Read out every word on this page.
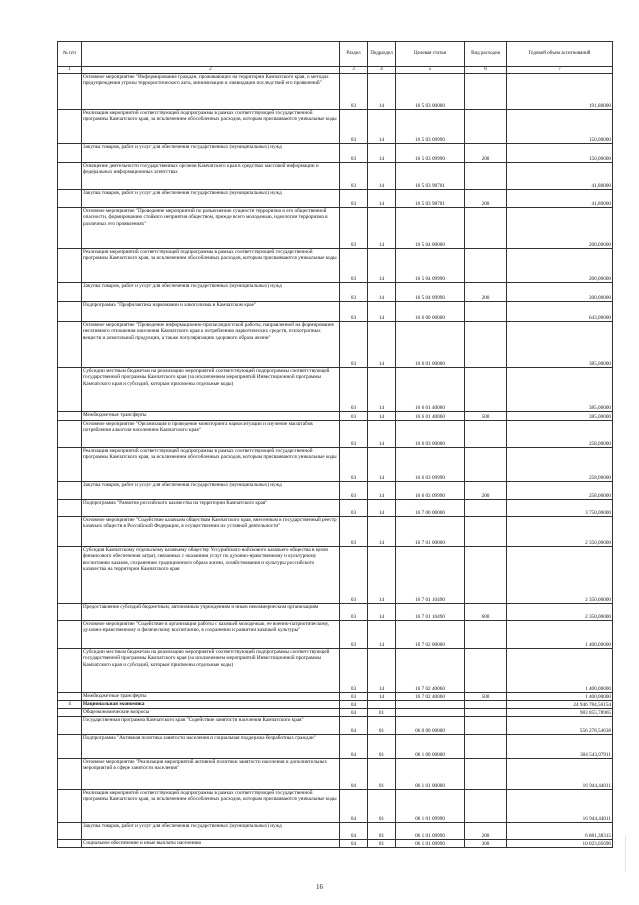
№ п/п		Раздел	Подраздел	Целевая статья	Вид расходов	Годовой объем ассигнований
1	2	3	4	5	6	7
	Основное мероприятие "Информирование граждан, проживающих на территории Камчатского края, о методах предупреждения угрозы террористического акта, минимизации и ликвидации последствий его проявлений"	03	14	16 5 03 00000		191,80000
	Реализация мероприятий соответствующей подпрограммы в рамках соответствующей государственной программы Камчатского края, за исключением обособленных расходов, которым присваиваются уникальные коды	03	14	16 5 03 09990		150,00000
	Закупка товаров, работ и услуг для обеспечения государственных (муниципальных) нужд	03	14	16 5 03 09990	200	150,00000
	Освещение деятельности государственных органов Камчатского края в средствах массовой информации и федеральных информационных агентствах	03	14	16 5 03 98701		41,80000
	Закупка товаров, работ и услуг для обеспечения государственных (муниципальных) нужд	03	14	16 5 03 98701	200	41,80000
	Основное мероприятие "Проведение мероприятий по разъяснению сущности терроризма и его общественной опасности, формированию стойкого неприятия обществом, прежде всего молодежью, идеологии терроризма в различных его проявлениях"	03	14	16 5 04 00000		200,00000
	Реализация мероприятий соответствующей подпрограммы в рамках соответствующей государственной программы Камчатского края, за исключением обособленных расходов, которым присваиваются уникальные коды	03	14	16 5 04 09990		200,00000
	Закупка товаров, работ и услуг для обеспечения государственных (муниципальных) нужд	03	14	16 5 04 09990	200	200,00000
	Подпрограмма "Профилактика наркомании и алкоголизма в Камчатском крае"	03	14	16 6 00 00000		643,00000
	Основное мероприятие "Проведение информационно-пропагандистской работы, направленной на формирование негативного отношения населения Камчатского края к потреблению наркотических средств, психотропных веществ и алкогольной продукции, а также популяризацию здорового образа жизни"	03	14	16 6 01 00000		385,00000
	Субсидии местным бюджетам на реализацию мероприятий соответствующей подпрограммы соответствующей государственной программы Камчатского края (за исключением мероприятий Инвестиционной программы Камчатского края и субсидий, которым присвоены отдельные коды)	03	14	16 6 01 40060		385,00000
	Межбюджетные трансферты	03	14	16 6 01 40060	500	385,00000
	Основное мероприятие "Организация и проведение мониторинга наркоситуации и изучение масштабов потребления алкоголя населением Камчатского края"	03	14	16 6 03 00000		258,00000
	Реализация мероприятий соответствующей подпрограммы в рамках соответствующей государственной программы Камчатского края, за исключением обособленных расходов, которым присваиваются уникальные коды	03	14	16 6 03 09990		258,00000
	Закупка товаров, работ и услуг для обеспечения государственных (муниципальных) нужд	03	14	16 6 03 09990	200	258,00000
	Подпрограмма "Развитие российского казачества на территории Камчатского края"	03	14	16 7 00 00000		3 750,00000
	Основное мероприятие "Содействие казачьим обществам Камчатского края, внесенным в государственный реестр казачьих обществ в Российской Федерации, в осуществлении их уставной деятельности"	03	14	16 7 01 00000		2 350,00000
	Субсидия Камчатскому отдельскому казачьему обществу Уссурийского войскового казачьего общества в целях финансового обеспечения затрат, связанных с оказанием услуг по духовно-нравственному и культурному воспитанию казаков, сохранению традиционного образа жизни, хозяйствования и культуры российского казачества на территории Камчатского края	03	14	16 7 01 10490		2 350,00000
	Предоставление субсидий бюджетным, автономным учреждениям и иным некоммерческим организациям	03	14	16 7 01 10490	600	2 350,00000
	Основное мероприятие "Содействие в организации работы с казачьей молодежью, ее военно-патриотическому, духовно-нравственному и физическому воспитанию, в сохранении и развитии казачьей культуры"	03	14	16 7 02 00000		1 400,00000
	Субсидии местным бюджетам на реализацию мероприятий соответствующей подпрограммы соответствующей государственной программы Камчатского края (за исключением мероприятий Инвестиционной программы Камчатского края и субсидий, которым присвоены отдельные коды)	03	14	16 7 02 40060		1 400,00000
	Межбюджетные трансферты	03	14	16 7 02 40060	500	1 400,00000
4	Национальная экономика	04				24 946 784,56154
	Общеэкономические вопросы	04	01			983 855,78965
	Государственная программа Камчатского края "Содействие занятости населения Камчатского края"	04	01	06 0 00 00000		556 278,54638
	Подпрограмма "Активная политика занятости населения и социальная поддержка безработных граждан"	04	01	06 1 00 00000		304 543,97911
	Основное мероприятие "Реализация мероприятий активной политики занятости населения и дополнительных мероприятий в сфере занятости населения"	04	01	06 1 01 00000		16 944,44011
	Реализация мероприятий соответствующей подпрограммы в рамках соответствующей государственной программы Камчатского края, за исключением обособленных расходов, которым присваиваются уникальные коды	04	01	06 1 01 09990		16 944,44011
	Закупка товаров, работ и услуг для обеспечения государственных (муниципальных) нужд	04	01	06 1 01 09990	200	6 881,38315
	Социальное обеспечение и иные выплаты населению	04	01	06 1 01 09990	300	10 023,05696
16
